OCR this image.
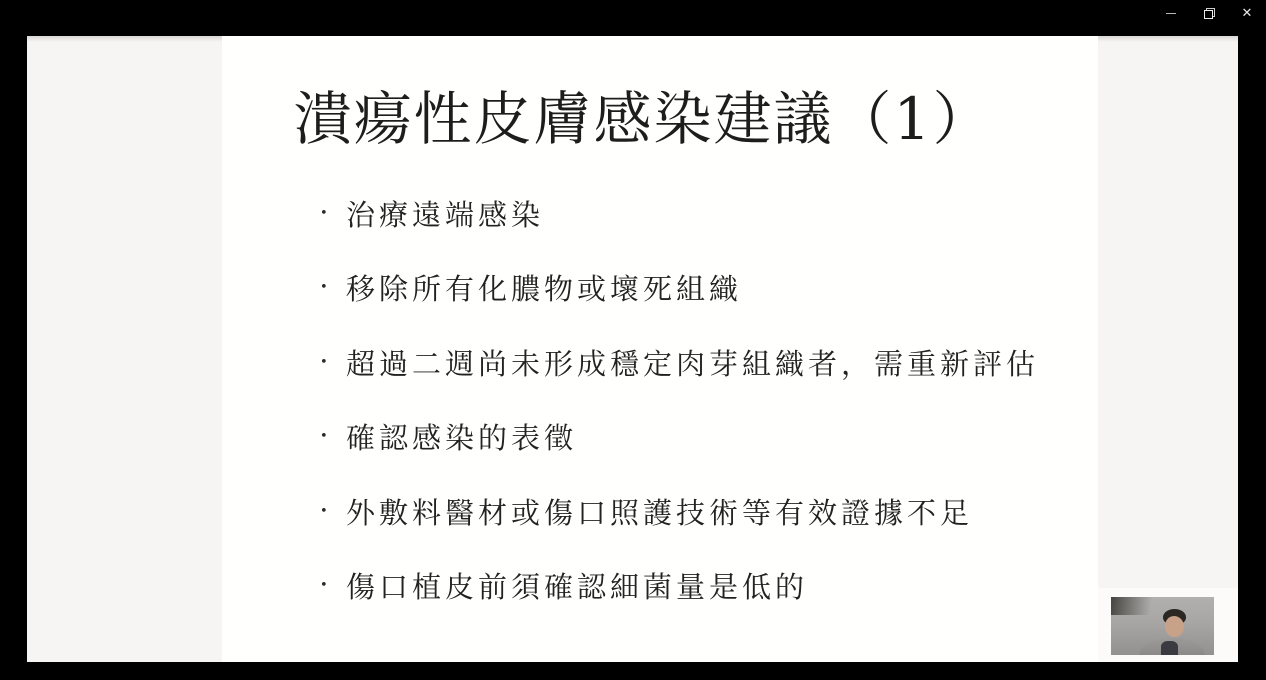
✕
潰瘍性皮膚感染建議（1）
• 治療遠端感染
• 移除所有化膿物或壞死組織
• 超過二週尚未形成穩定肉芽組織者，需重新評估
• 確認感染的表徵
• 外敷料醫材或傷口照護技術等有效證據不足
• 傷口植皮前須確認細菌量是低的
